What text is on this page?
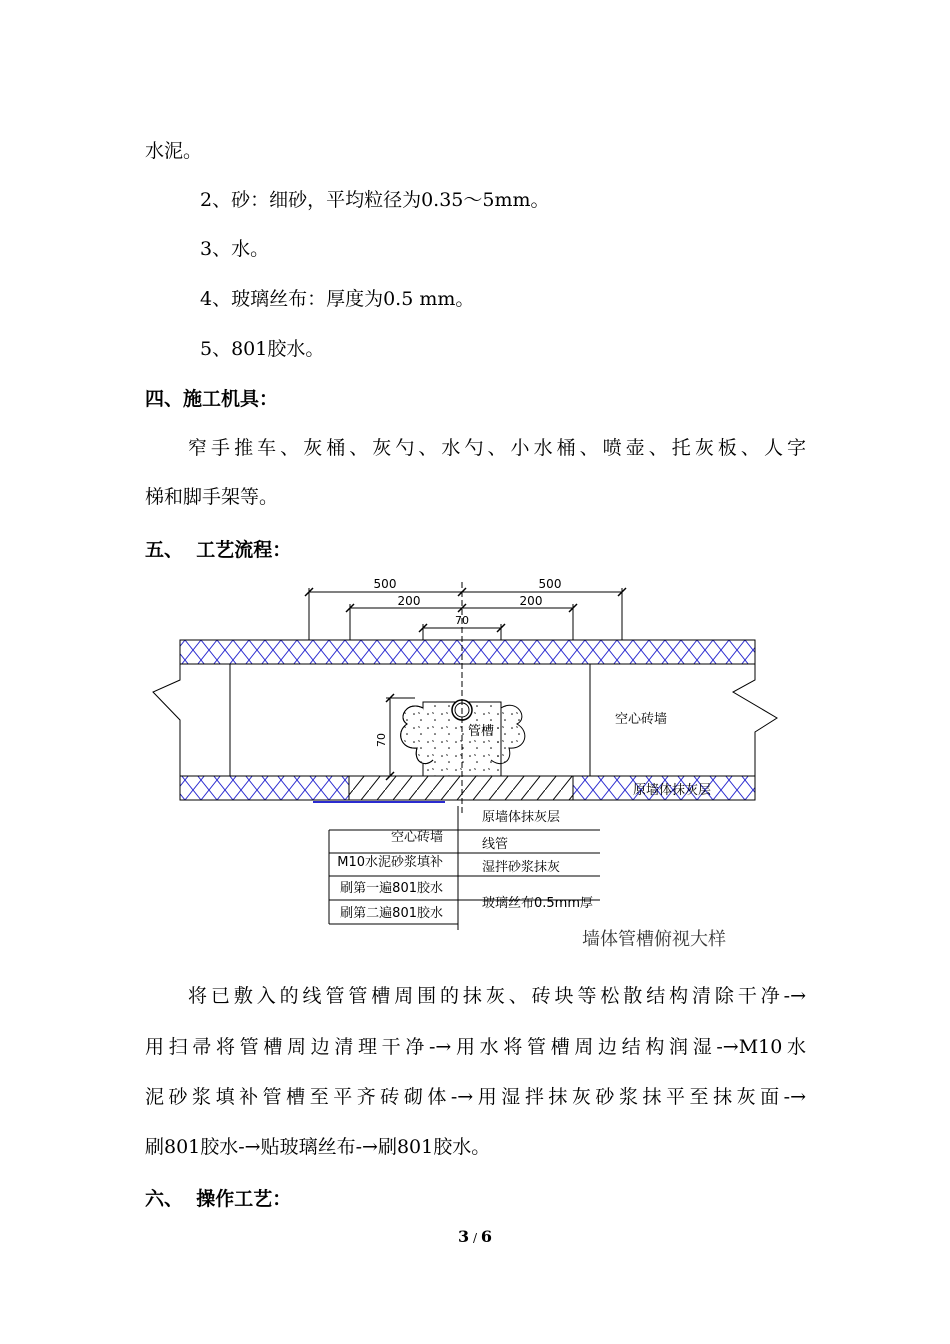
水泥。
2、砂：细砂，平均粒径为0.35～5mm。
3、水。
4、玻璃丝布：厚度为0.5 mm。
5、801胶水。
四、施工机具：
窄手推车、灰桶、灰勺、水勺、小水桶、喷壶、托灰板、人字
梯和脚手架等。
五、  工艺流程：
500	500
200	200
70
70
管槽
空心砖墙
原墙体抹灰层
空心砖墙
M10水泥砂浆填补
刷第一遍801胶水
刷第二遍801胶水
原墙体抹灰层
线管
湿拌砂浆抹灰
玻璃丝布0.5mm厚
墙体管槽俯视大样
将已敷入的线管管槽周围的抹灰、砖块等松散结构清除干净-→
用扫帚将管槽周边清理干净-→用水将管槽周边结构润湿-→M10水
泥砂浆填补管槽至平齐砖砌体-→用湿拌抹灰砂浆抹平至抹灰面-→
刷801胶水-→贴玻璃丝布-→刷801胶水。
六、  操作工艺：
3 / 6
